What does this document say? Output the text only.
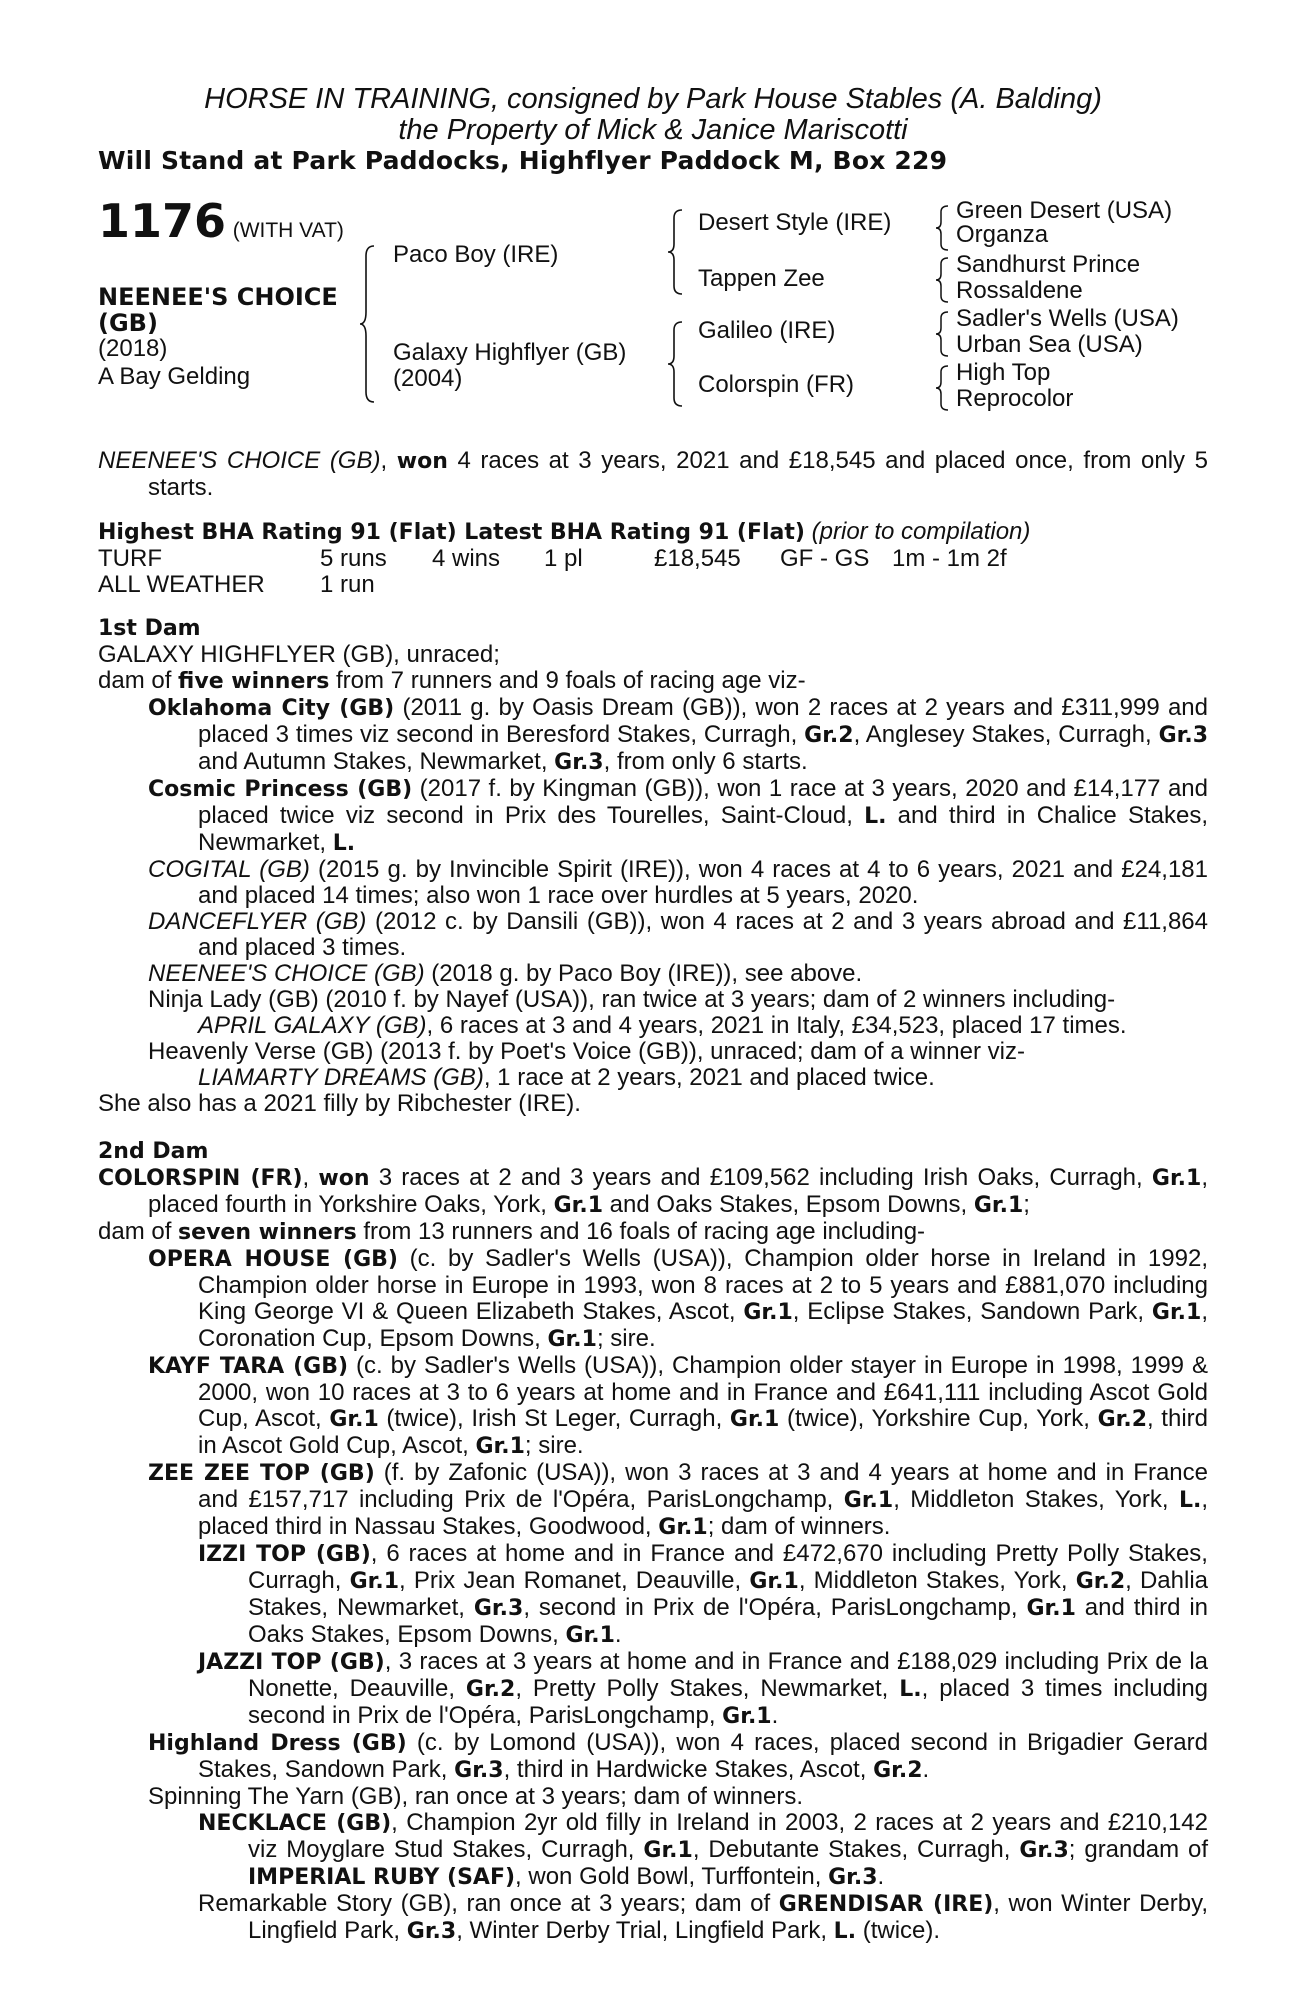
HORSE IN TRAINING, consigned by Park House Stables (A. Balding)
the Property of Mick & Janice Mariscotti
Will Stand at Park Paddocks, Highflyer Paddock M, Box 229
1176 (WITH VAT)
NEENEE'S CHOICE
(GB)
(2018)
A Bay Gelding
Paco Boy (IRE)
Galaxy Highflyer (GB)
(2004)
Desert Style (IRE)
Tappen Zee
Galileo (IRE)
Colorspin (FR)
Green Desert (USA)
Organza
Sandhurst Prince
Rossaldene
Sadler's Wells (USA)
Urban Sea (USA)
High Top
Reprocolor

NEENEE'S CHOICE (GB), won 4 races at 3 years, 2021 and £18,545 and placed once, from only 5 starts.

Highest BHA Rating 91 (Flat) Latest BHA Rating 91 (Flat) (prior to compilation)
TURF	5 runs	4 wins	1 pl	£18,545	GF - GS 1m - 1m 2f
ALL WEATHER	1 run
1st Dam

GALAXY HIGHFLYER (GB), unraced;

dam of five winners from 7 runners and 9 foals of racing age viz-

Oklahoma City (GB) (2011 g. by Oasis Dream (GB)), won 2 races at 2 years and £311,999 and placed 3 times viz second in Beresford Stakes, Curragh, Gr.2, Anglesey Stakes, Curragh, Gr.3 and Autumn Stakes, Newmarket, Gr.3, from only 6 starts.

Cosmic Princess (GB) (2017 f. by Kingman (GB)), won 1 race at 3 years, 2020 and £14,177 and placed twice viz second in Prix des Tourelles, Saint-Cloud, L. and third in Chalice Stakes, Newmarket, L.

COGITAL (GB) (2015 g. by Invincible Spirit (IRE)), won 4 races at 4 to 6 years, 2021 and £24,181 and placed 14 times; also won 1 race over hurdles at 5 years, 2020.

DANCEFLYER (GB) (2012 c. by Dansili (GB)), won 4 races at 2 and 3 years abroad and £11,864 and placed 3 times.

NEENEE'S CHOICE (GB) (2018 g. by Paco Boy (IRE)), see above.

Ninja Lady (GB) (2010 f. by Nayef (USA)), ran twice at 3 years; dam of 2 winners including-

APRIL GALAXY (GB), 6 races at 3 and 4 years, 2021 in Italy, £34,523, placed 17 times.

Heavenly Verse (GB) (2013 f. by Poet's Voice (GB)), unraced; dam of a winner viz-

LIAMARTY DREAMS (GB), 1 race at 2 years, 2021 and placed twice.

She also has a 2021 filly by Ribchester (IRE).

2nd Dam

COLORSPIN (FR), won 3 races at 2 and 3 years and £109,562 including Irish Oaks, Curragh, Gr.1, placed fourth in Yorkshire Oaks, York, Gr.1 and Oaks Stakes, Epsom Downs, Gr.1;

dam of seven winners from 13 runners and 16 foals of racing age including-

OPERA HOUSE (GB) (c. by Sadler's Wells (USA)), Champion older horse in Ireland in 1992, Champion older horse in Europe in 1993, won 8 races at 2 to 5 years and £881,070 including King George VI & Queen Elizabeth Stakes, Ascot, Gr.1, Eclipse Stakes, Sandown Park, Gr.1, Coronation Cup, Epsom Downs, Gr.1; sire.

KAYF TARA (GB) (c. by Sadler's Wells (USA)), Champion older stayer in Europe in 1998, 1999 & 2000, won 10 races at 3 to 6 years at home and in France and £641,111 including Ascot Gold Cup, Ascot, Gr.1 (twice), Irish St Leger, Curragh, Gr.1 (twice), Yorkshire Cup, York, Gr.2, third in Ascot Gold Cup, Ascot, Gr.1; sire.

ZEE ZEE TOP (GB) (f. by Zafonic (USA)), won 3 races at 3 and 4 years at home and in France and £157,717 including Prix de l'Opéra, ParisLongchamp, Gr.1, Middleton Stakes, York, L., placed third in Nassau Stakes, Goodwood, Gr.1; dam of winners.

IZZI TOP (GB), 6 races at home and in France and £472,670 including Pretty Polly Stakes, Curragh, Gr.1, Prix Jean Romanet, Deauville, Gr.1, Middleton Stakes, York, Gr.2, Dahlia Stakes, Newmarket, Gr.3, second in Prix de l'Opéra, ParisLongchamp, Gr.1 and third in Oaks Stakes, Epsom Downs, Gr.1.

JAZZI TOP (GB), 3 races at 3 years at home and in France and £188,029 including Prix de la Nonette, Deauville, Gr.2, Pretty Polly Stakes, Newmarket, L., placed 3 times including second in Prix de l'Opéra, ParisLongchamp, Gr.1.

Highland Dress (GB) (c. by Lomond (USA)), won 4 races, placed second in Brigadier Gerard Stakes, Sandown Park, Gr.3, third in Hardwicke Stakes, Ascot, Gr.2.

Spinning The Yarn (GB), ran once at 3 years; dam of winners.

NECKLACE (GB), Champion 2yr old filly in Ireland in 2003, 2 races at 2 years and £210,142 viz Moyglare Stud Stakes, Curragh, Gr.1, Debutante Stakes, Curragh, Gr.3; grandam of IMPERIAL RUBY (SAF), won Gold Bowl, Turffontein, Gr.3.

Remarkable Story (GB), ran once at 3 years; dam of GRENDISAR (IRE), won Winter Derby, Lingfield Park, Gr.3, Winter Derby Trial, Lingfield Park, L. (twice).
